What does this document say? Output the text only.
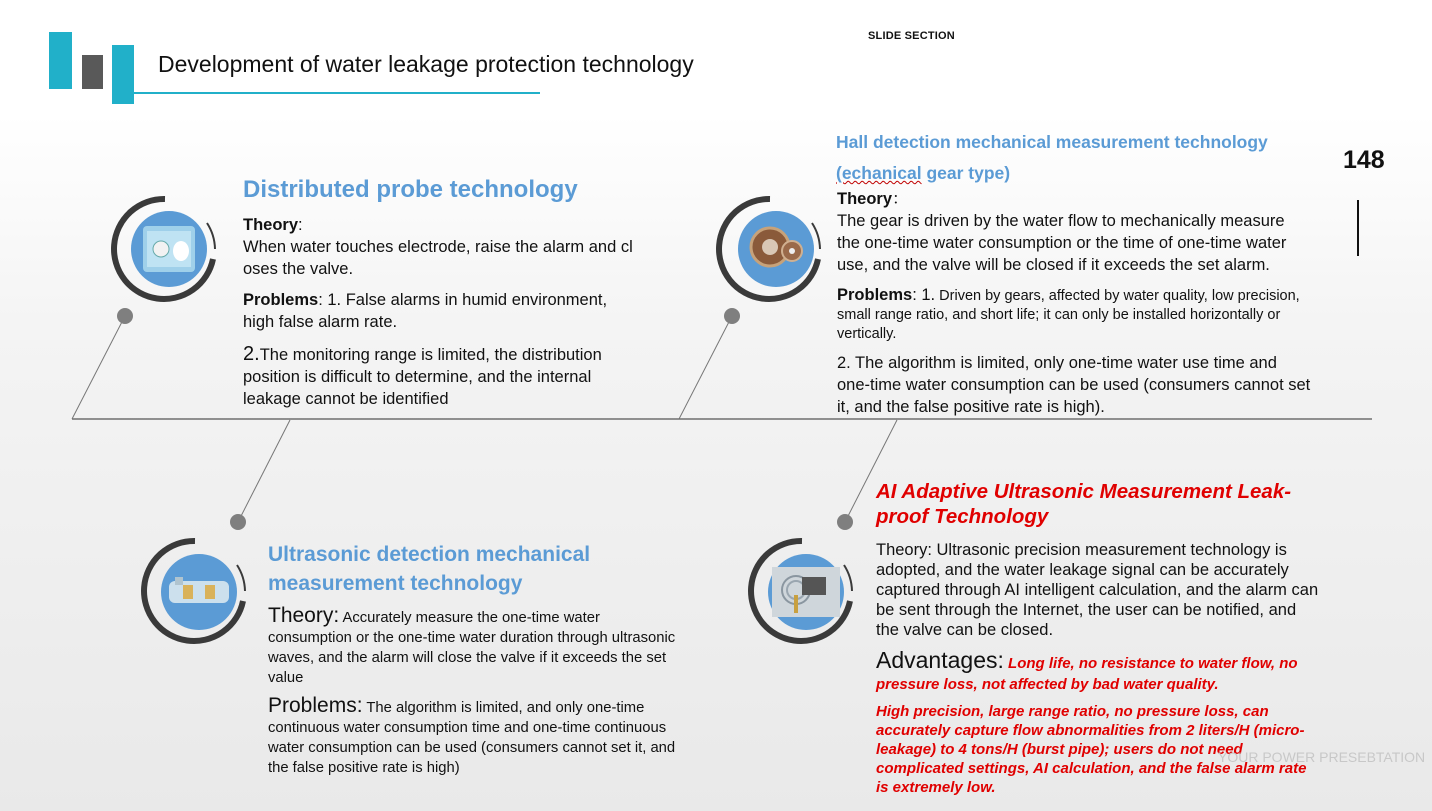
Development of water leakage protection technology
SLIDE SECTION
148
Distributed probe technology
Theory:
When water touches electrode, raise the alarm and cl
oses the valve.
Problems: 1. False alarms in humid environment,
high false alarm rate.
2.The monitoring range is limited, the distribution
position is difficult to determine, and the internal
leakage cannot be identified
Hall detection mechanical measurement technology
(echanical gear type)
Theory：
The gear is driven by the water flow to mechanically measure
the one-time water consumption or the time of one-time water
use, and the valve will be closed if it exceeds the set alarm.
Problems: 1. Driven by gears, affected by water quality, low precision,
small range ratio, and short life; it can only be installed horizontally or
vertically.
2. The algorithm is limited, only one-time water use time and
one-time water consumption can be used (consumers cannot set
it, and the false positive rate is high).
Ultrasonic detection mechanical
measurement technology
Theory: Accurately measure the one-time water
consumption or the one-time water duration through ultrasonic
waves, and the alarm will close the valve if it exceeds the set
value
Problems: The algorithm is limited, and only one-time
continuous water consumption time and one-time continuous
water consumption can be used (consumers cannot set it, and
the false positive rate is high)
AI Adaptive Ultrasonic Measurement Leak-
proof Technology
Theory: Ultrasonic precision measurement technology is
adopted, and the water leakage signal can be accurately
captured through AI intelligent calculation, and the alarm can
be sent through the Internet, the user can be notified, and
the valve can be closed.
Advantages: Long life, no resistance to water flow, no
pressure loss, not affected by bad water quality.
High precision, large range ratio, no pressure loss, can
accurately capture flow abnormalities from 2 liters/H (micro-
leakage) to 4 tons/H (burst pipe); users do not need
complicated settings, AI calculation, and the false alarm rate
is extremely low.
YOUR POWER PRESEBTATION
